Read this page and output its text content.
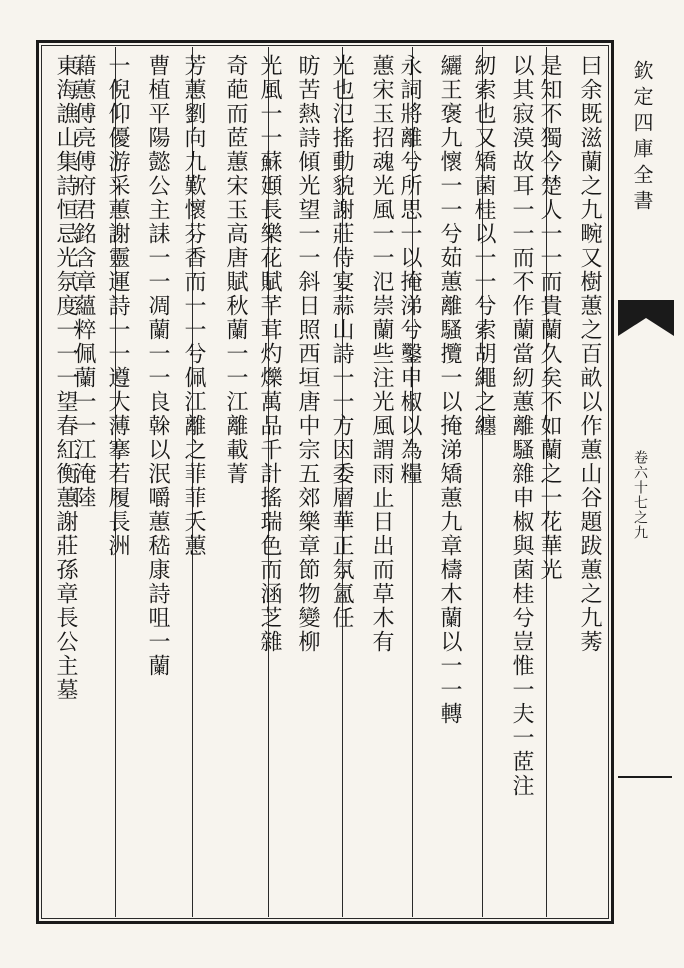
曰余既滋蘭之九畹又樹蕙之百畝以作蕙山谷題跋蕙之九莠
是知不獨今楚人一一而貴蘭久矣不如蘭之一花華光
以其寂漠故耳一一而不作蘭當紉蕙離騷雜申椒與菌桂兮豈惟一夫一茝注
紉索也又矯菌桂以一一兮索胡繩之纏
纚王褒九懷一一兮茹蕙離騷攬一以掩涕矯蕙九章檮木蘭以一一轉
永詞將離兮所思一以掩涕兮鑿申椒以為糧
蕙宋玉招魂光風一一氾崇蘭些注光風謂雨止日出而草木有
光也氾搖動貌謝莊侍宴蒜山詩一一方因委層華正氛氳任
昉苦熱詩傾光望一一斜日照西垣唐中宗五郊樂章節物變柳
光風一一蘇頲長樂花賦芊茸灼爍萬品千計搖瑞色而涵芝雜
奇葩而茝蕙宋玉高唐賦秋蘭一一江離載菁
芳蕙劉向九歎懷芬香而一一兮佩江離之菲菲夭蕙
曹植平陽懿公主誄一一凋蘭一一良榦以泯嚼蕙嵇康詩咀一蘭
一倪仰優游采蕙謝靈運詩一一遵大薄搴若履長洲
藉蕙傅亮傅府君銘含章蘊粹佩蘭一一江淹陸
東海譙山集詩恒忌光氛度一一一望春紅衡蕙謝莊孫章長公主墓	欽定四庫全書
卷六十七之九
